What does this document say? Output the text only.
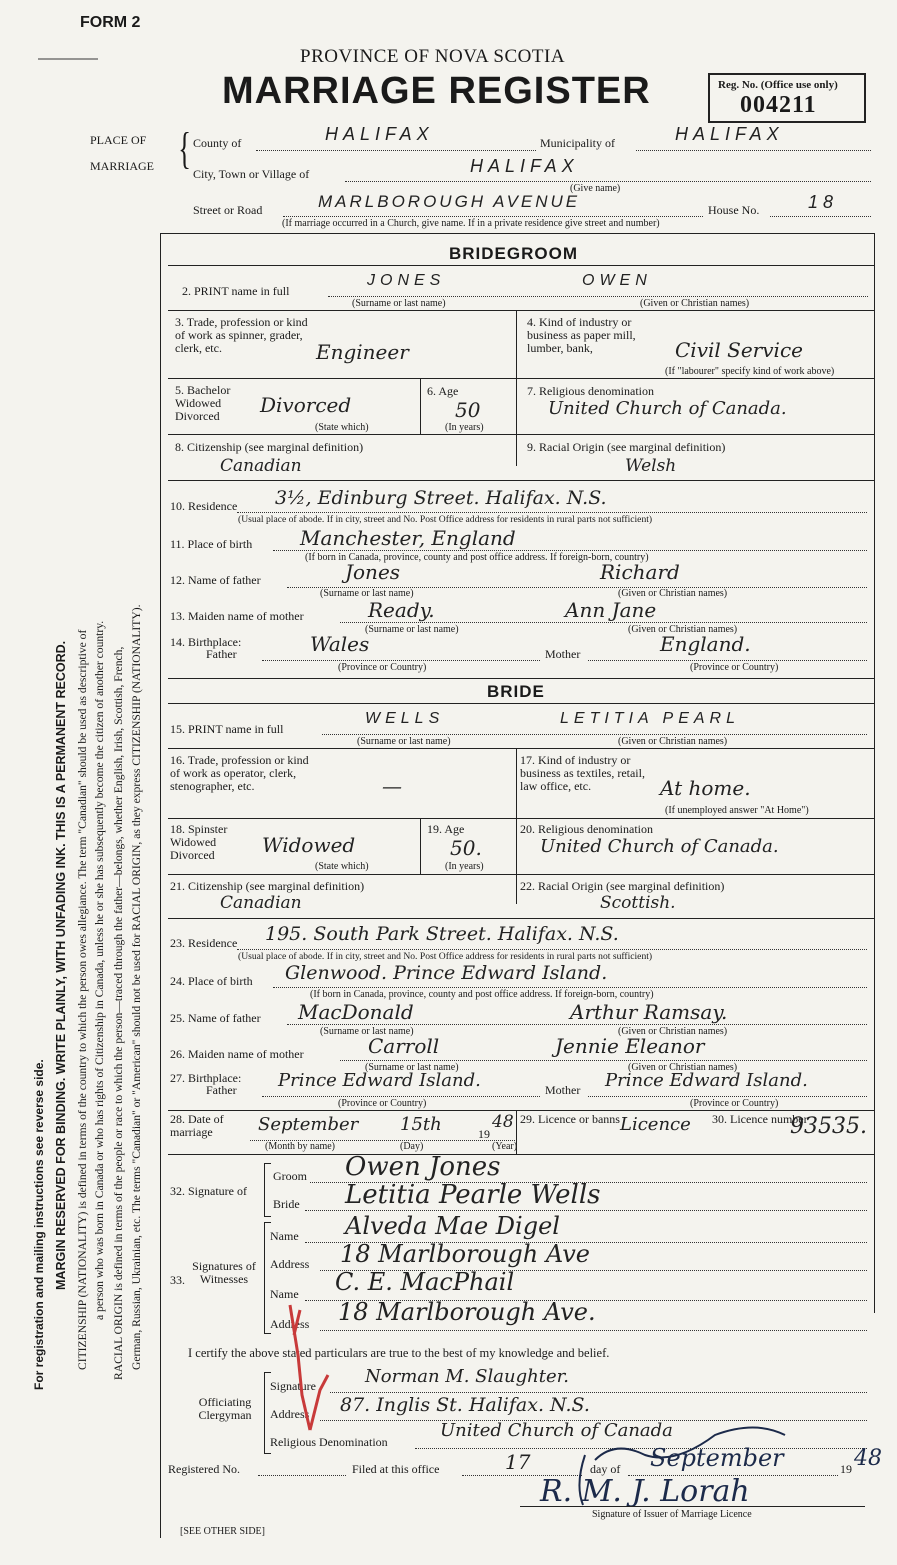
FORM 2
PROVINCE OF NOVA SCOTIA
MARRIAGE REGISTER	Reg. No. (Office use only)
004211
PLACE OF
MARRIAGE { County of	HALIFAX	Municipality of	HALIFAX
City, Town or Village of	HALIFAX
(Give name)
Street or Road	MARLBOROUGH AVENUE	House No.	18
(If marriage occurred in a Church, give name. If in a private residence give street and number)
For registration and mailing instructions see reverse side. MARGIN RESERVED FOR BINDING. WRITE PLAINLY, WITH UNFADING INK. THIS IS A PERMANENT RECORD. CITIZENSHIP (NATIONALITY) is defined in terms of the country to which the person owes allegiance. The term "Canadian" should be used as descriptive of a person who was born in Canada or who has rights of Citizenship in Canada, unless he or she has subsequently become the citizen of another country. RACIAL ORIGIN is defined in terms of the people or race to which the person—traced through the father—belongs, whether English, Irish, Scottish, French, German, Russian, Ukrainian, etc. The terms "Canadian" or "American" should not be used for RACIAL ORIGIN, as they express CITIZENSHIP (NATIONALITY).
BRIDEGROOM
2. PRINT name in full
JONES	OWEN
(Surname or last name)	(Given or Christian names)
3. Trade, profession or kind of work as spinner, grader, clerk, etc.	Engineer
4. Kind of industry or business as paper mill, lumber, bank,	Civil Service
(If "labourer" specify kind of work above)
5. Bachelor Widowed Divorced	Divorced
(State which)
6. Age
50
(In years)
7. Religious denomination
United Church of Canada.
8. Citizenship (see marginal definition)
Canadian
9. Racial Origin (see marginal definition)
Welsh
10. Residence 3½, Edinburg Street. Halifax. N.S.
(Usual place of abode. If in city, street and No. Post Office address for residents in rural parts not sufficient)
11. Place of birth Manchester, England
(If born in Canada, province, county and post office address. If foreign-born, country)
12. Name of father	Jones	Richard
(Surname or last name)	(Given or Christian names)
13. Maiden name of mother	Ready.	Ann Jane
(Surname or last name)	(Given or Christian names)
14. Birthplace:
Father	Wales	Mother	England.
(Province or Country)	(Province or Country)
BRIDE
15. PRINT name in full
WELLS	LETITIA PEARL
(Surname or last name)	(Given or Christian names)
16. Trade, profession or kind of work as operator, clerk, stenographer, etc.	—
17. Kind of industry or business as textiles, retail, law office, etc.	At home.
(If unemployed answer "At Home")
18. Spinster Widowed Divorced	Widowed
(State which)
19. Age
50.
(In years)
20. Religious denomination
United Church of Canada.
21. Citizenship (see marginal definition)
Canadian
22. Racial Origin (see marginal definition)
Scottish.
23. Residence 195. South Park Street. Halifax. N.S.
(Usual place of abode. If in city, street and No. Post Office address for residents in rural parts not sufficient)
24. Place of birth Glenwood. Prince Edward Island.
(If born in Canada, province, county and post office address. If foreign-born, country)
25. Name of father MacDonald	Arthur Ramsay.
(Surname or last name)	(Given or Christian names)
26. Maiden name of mother	Carroll	Jennie Eleanor
(Surname or last name)	(Given or Christian names)
27. Birthplace:
Father Prince Edward Island.	Mother Prince Edward Island.
(Province or Country)	(Province or Country)
28. Date of marriage	September 15th	19
48
(Month by name)	(Day)	(Year)
29. Licence or banns Licence 30. Licence number
93535.
32. Signature of
Groom Owen Jones
Bride Letitia Pearle Wells
33.
Signatures of Witnesses
Name Alveda Mae Digel
Address 18 Marlborough Ave
Name C. E. MacPhail
Address 18 Marlborough Ave.
I certify the above stated particulars are true to the best of my knowledge and belief.
Officiating Clergyman
Signature	Norman M. Slaughter.
Address 87. Inglis St. Halifax. N.S.
Religious Denomination
United Church of Canada
Registered No.	Filed at this office	17	day of September	19 48
R. M. J. Lorah
Signature of Issuer of Marriage Licence
[SEE OTHER SIDE]
